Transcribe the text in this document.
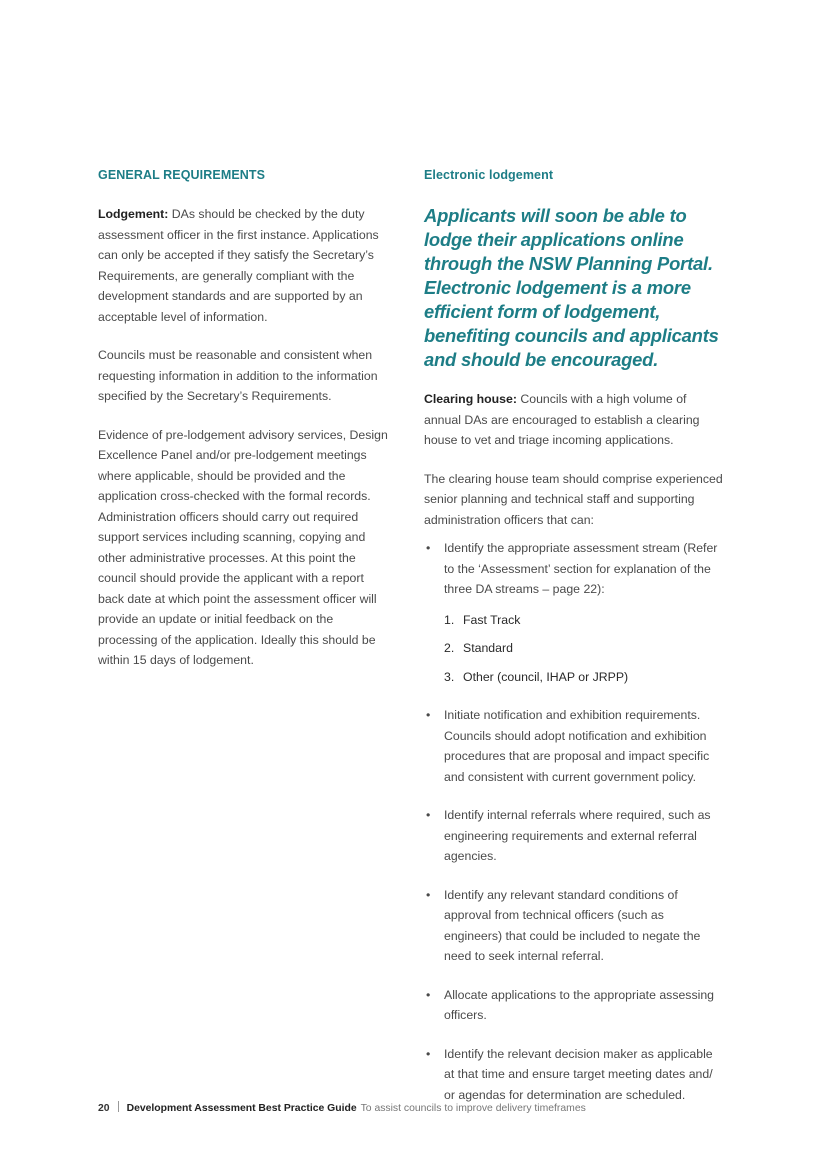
GENERAL REQUIREMENTS

Lodgement: DAs should be checked by the duty assessment officer in the first instance. Applications can only be accepted if they satisfy the Secretary’s Requirements, are generally compliant with the development standards and are supported by an acceptable level of information.

Councils must be reasonable and consistent when requesting information in addition to the information specified by the Secretary’s Requirements.

Evidence of pre-lodgement advisory services, Design Excellence Panel and/or pre-lodgement meetings where applicable, should be provided and the application cross-checked with the formal records. Administration officers should carry out required support services including scanning, copying and other administrative processes. At this point the council should provide the applicant with a report back date at which point the assessment officer will provide an update or initial feedback on the processing of the application. Ideally this should be within 15 days of lodgement.

Electronic lodgement
Applicants will soon be able to lodge their applications online through the NSW Planning Portal. Electronic lodgement is a more efficient form of lodgement, benefiting councils and applicants and should be encouraged.

Clearing house: Councils with a high volume of annual DAs are encouraged to establish a clearing house to vet and triage incoming applications.

The clearing house team should comprise experienced senior planning and technical staff and supporting administration officers that can:

• Identify the appropriate assessment stream (Refer to the ‘Assessment’ section for explanation of the three DA streams – page 22):
1. Fast Track
2. Standard
3. Other (council, IHAP or JRPP)
• Initiate notification and exhibition requirements. Councils should adopt notification and exhibition procedures that are proposal and impact specific and consistent with current government policy.
• Identify internal referrals where required, such as engineering requirements and external referral agencies.
• Identify any relevant standard conditions of approval from technical officers (such as engineers) that could be included to negate the need to seek internal referral.
• Allocate applications to the appropriate assessing officers.
• Identify the relevant decision maker as applicable at that time and ensure target meeting dates and/ or agendas for determination are scheduled.
20 Development Assessment Best Practice Guide To assist councils to improve delivery timeframes
